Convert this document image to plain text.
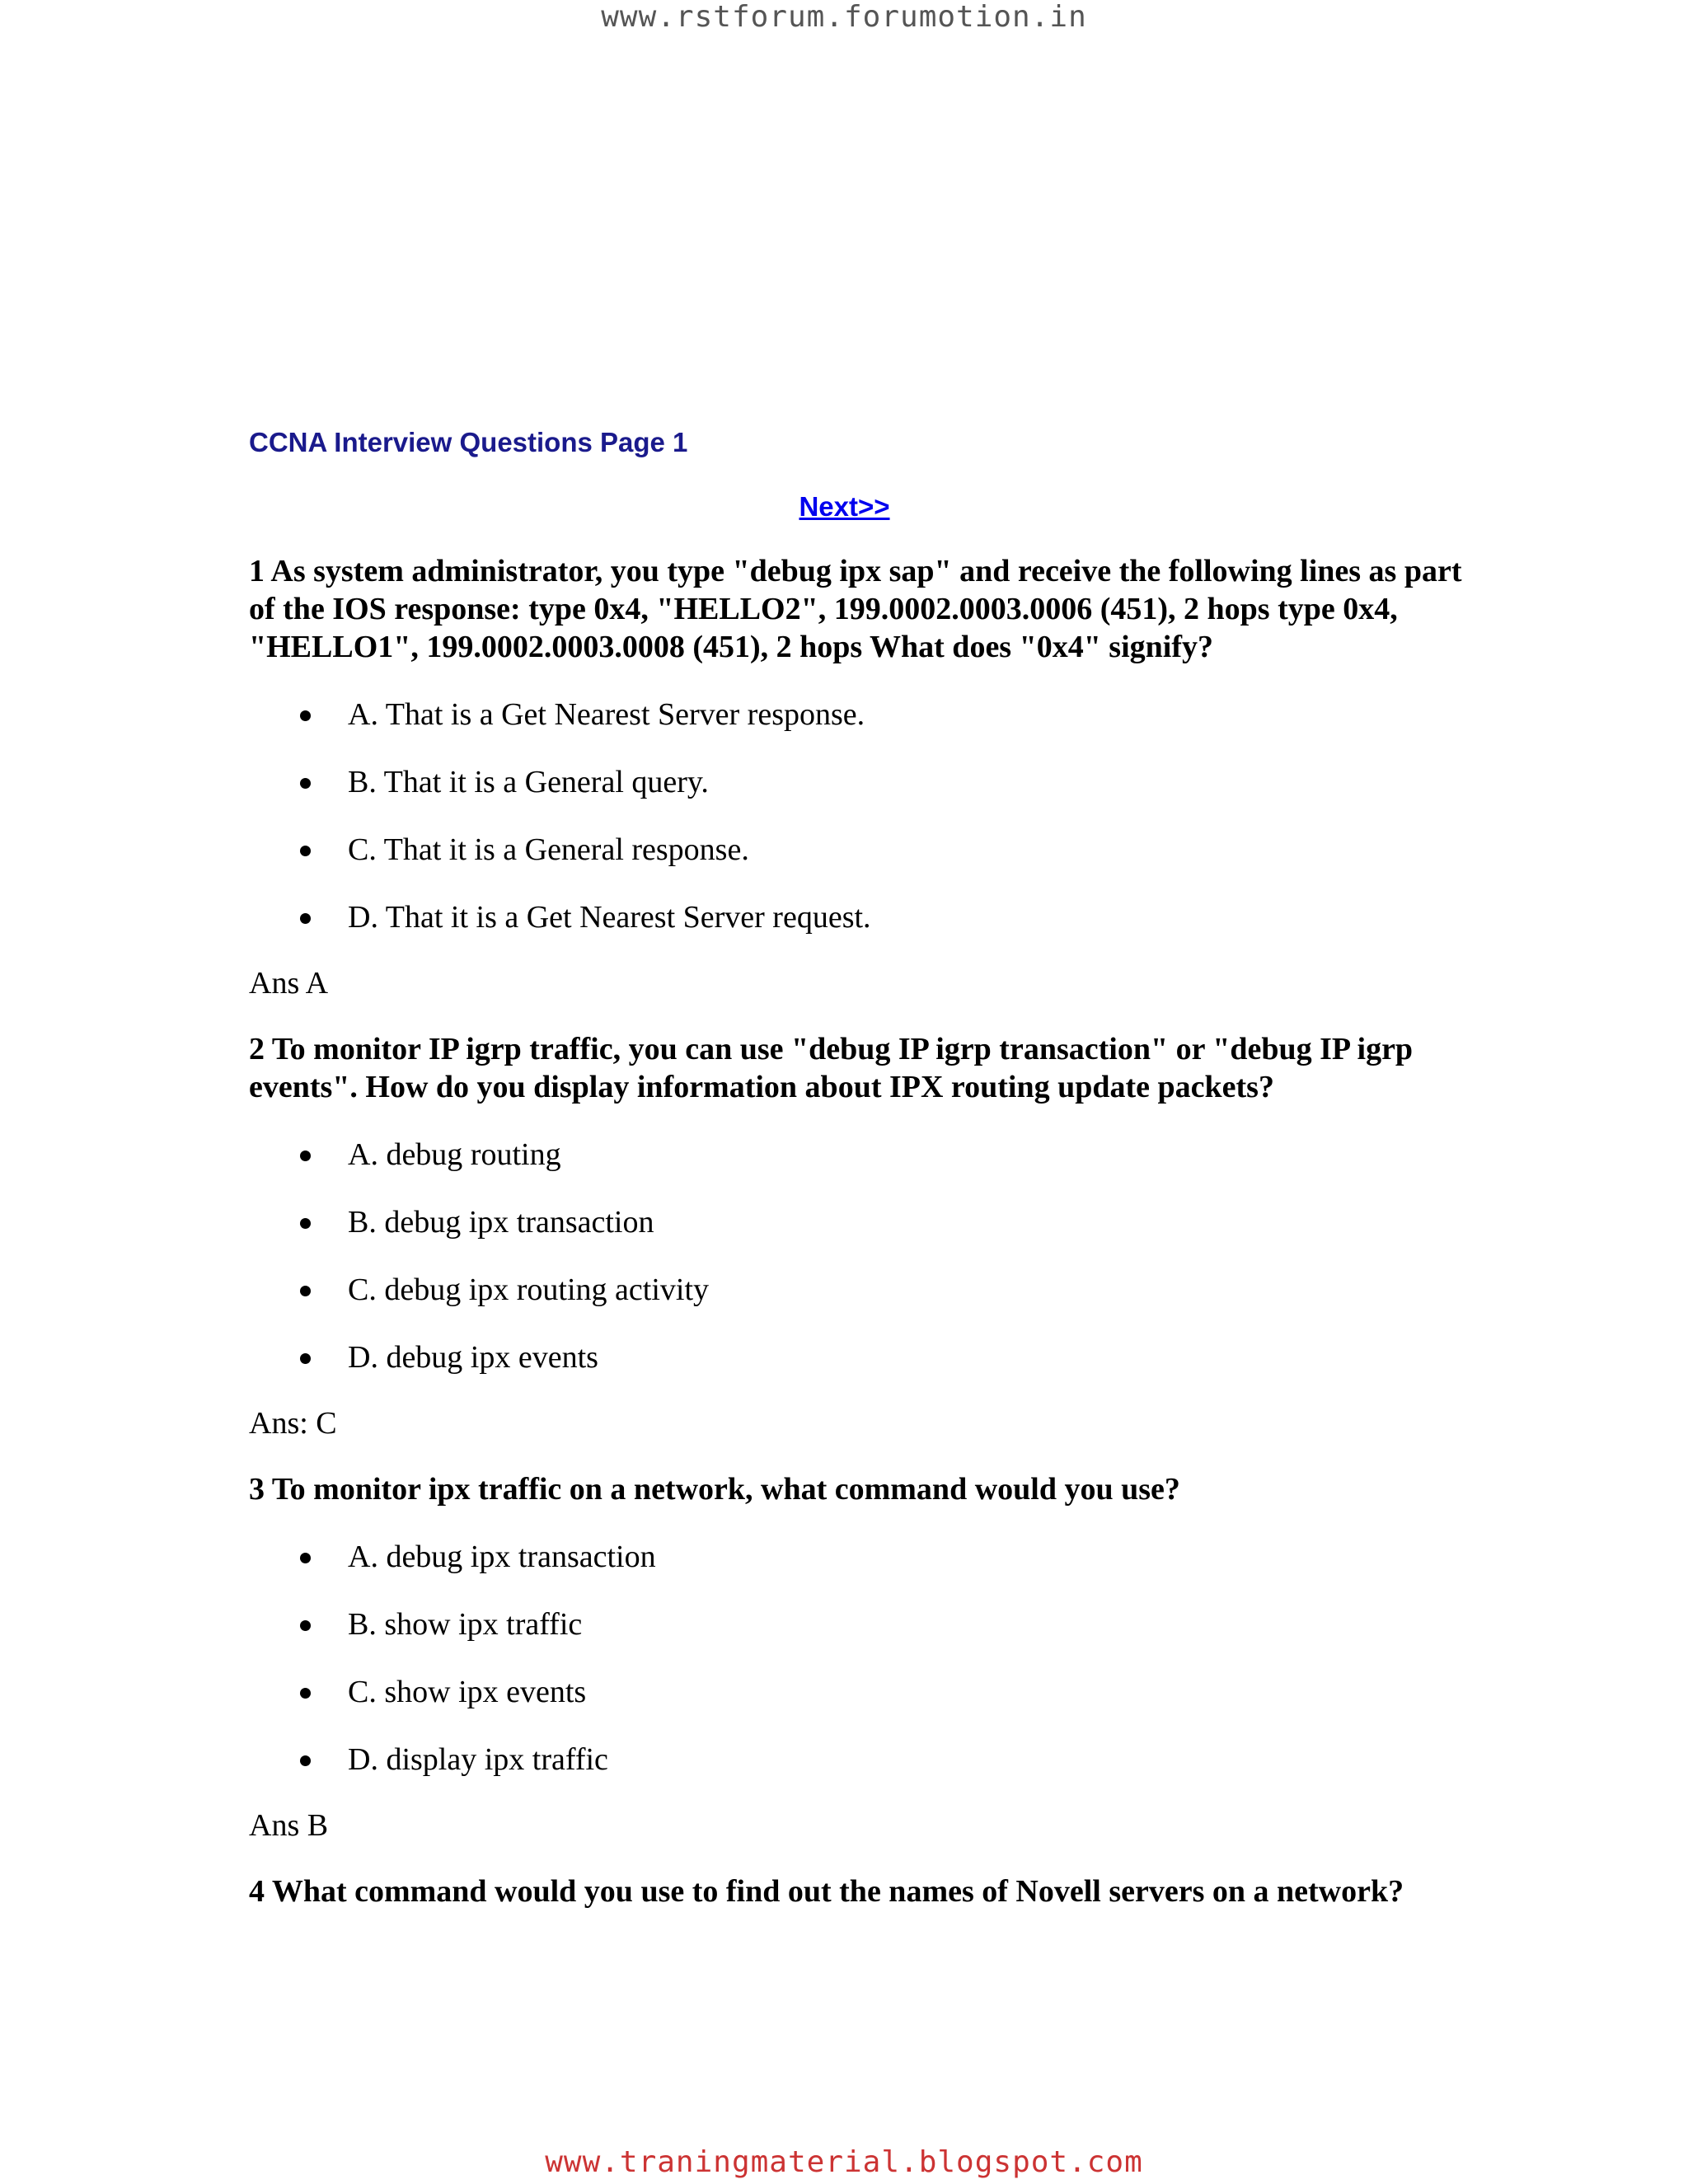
www.rstforum.forumotion.in
CCNA Interview Questions Page 1
Next>>

1 As system administrator, you type "debug ipx sap" and receive the following lines as part of the IOS response: type 0x4, "HELLO2", 199.0002.0003.0006 (451), 2 hops type 0x4, "HELLO1", 199.0002.0003.0008 (451), 2 hops What does "0x4" signify?

A. That is a Get Nearest Server response.
B. That it is a General query.
C. That it is a General response.
D. That it is a Get Nearest Server request.

Ans A

2 To monitor IP igrp traffic, you can use "debug IP igrp transaction" or "debug IP igrp events". How do you display information about IPX routing update packets?

A. debug routing
B. debug ipx transaction
C. debug ipx routing activity
D. debug ipx events

Ans: C

3 To monitor ipx traffic on a network, what command would you use?

A. debug ipx transaction
B. show ipx traffic
C. show ipx events
D. display ipx traffic

Ans B

4 What command would you use to find out the names of Novell servers on a network?

www.traningmaterial.blogspot.com
